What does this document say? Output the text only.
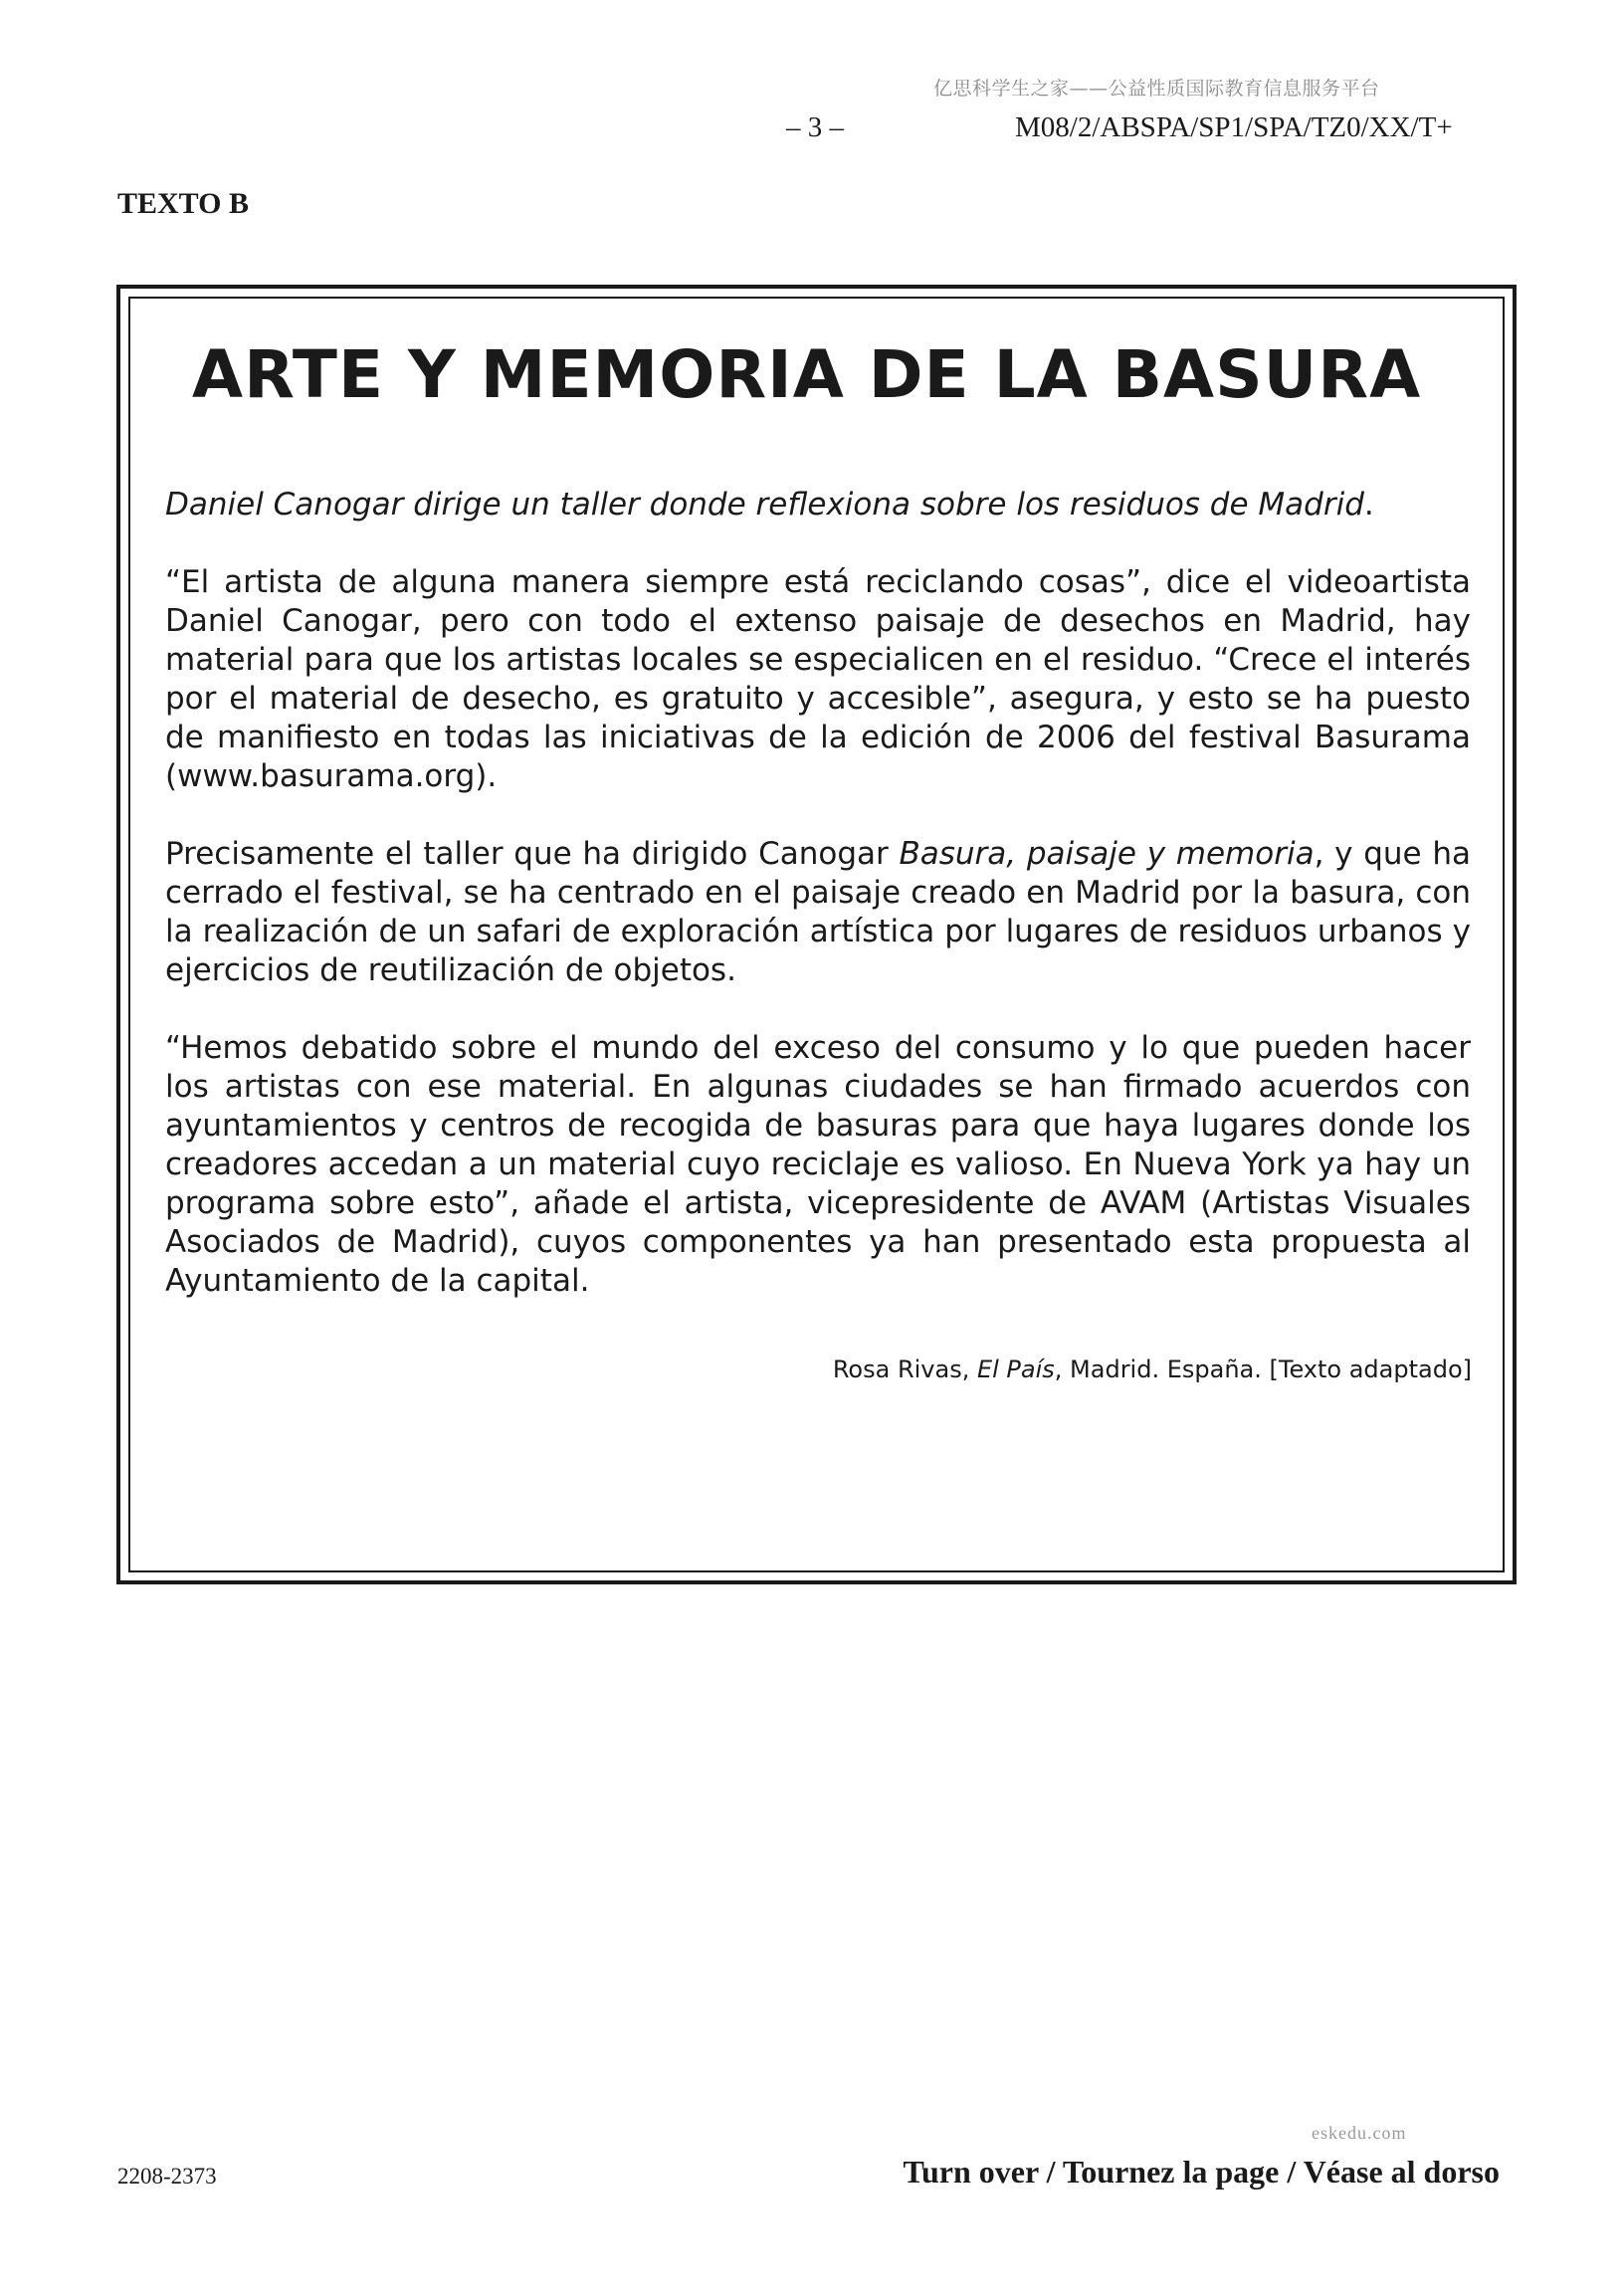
亿思科学生之家——公益性质国际教育信息服务平台
– 3 –	M08/2/ABSPA/SP1/SPA/TZ0/XX/T+
TEXTO B
ARTE Y MEMORIA DE LA BASURA

Daniel Canogar dirige un taller donde reflexiona sobre los residuos de Madrid.

“El artista de alguna manera siempre está reciclando cosas”, dice el videoartista Daniel Canogar, pero con todo el extenso paisaje de desechos en Madrid, hay material para que los artistas locales se especialicen en el residuo. “Crece el interés por el material de desecho, es gratuito y accesible”, asegura, y esto se ha puesto de manifiesto en todas las iniciativas de la edición de 2006 del festival Basurama (www.basurama.org).

Precisamente el taller que ha dirigido Canogar Basura, paisaje y memoria, y que ha cerrado el festival, se ha centrado en el paisaje creado en Madrid por la basura, con la realización de un safari de exploración artística por lugares de residuos urbanos y ejercicios de reutilización de objetos.

“Hemos debatido sobre el mundo del exceso del consumo y lo que pueden hacer los artistas con ese material. En algunas ciudades se han firmado acuerdos con ayuntamientos y centros de recogida de basuras para que haya lugares donde los creadores accedan a un material cuyo reciclaje es valioso. En Nueva York ya hay un programa sobre esto”, añade el artista, vicepresidente de AVAM (Artistas Visuales Asociados de Madrid), cuyos componentes ya han presentado esta propuesta al Ayuntamiento de la capital.

Rosa Rivas, El País, Madrid. España. [Texto adaptado]
2208-2373
eskedu.com
Turn over / Tournez la page / Véase al dorso
